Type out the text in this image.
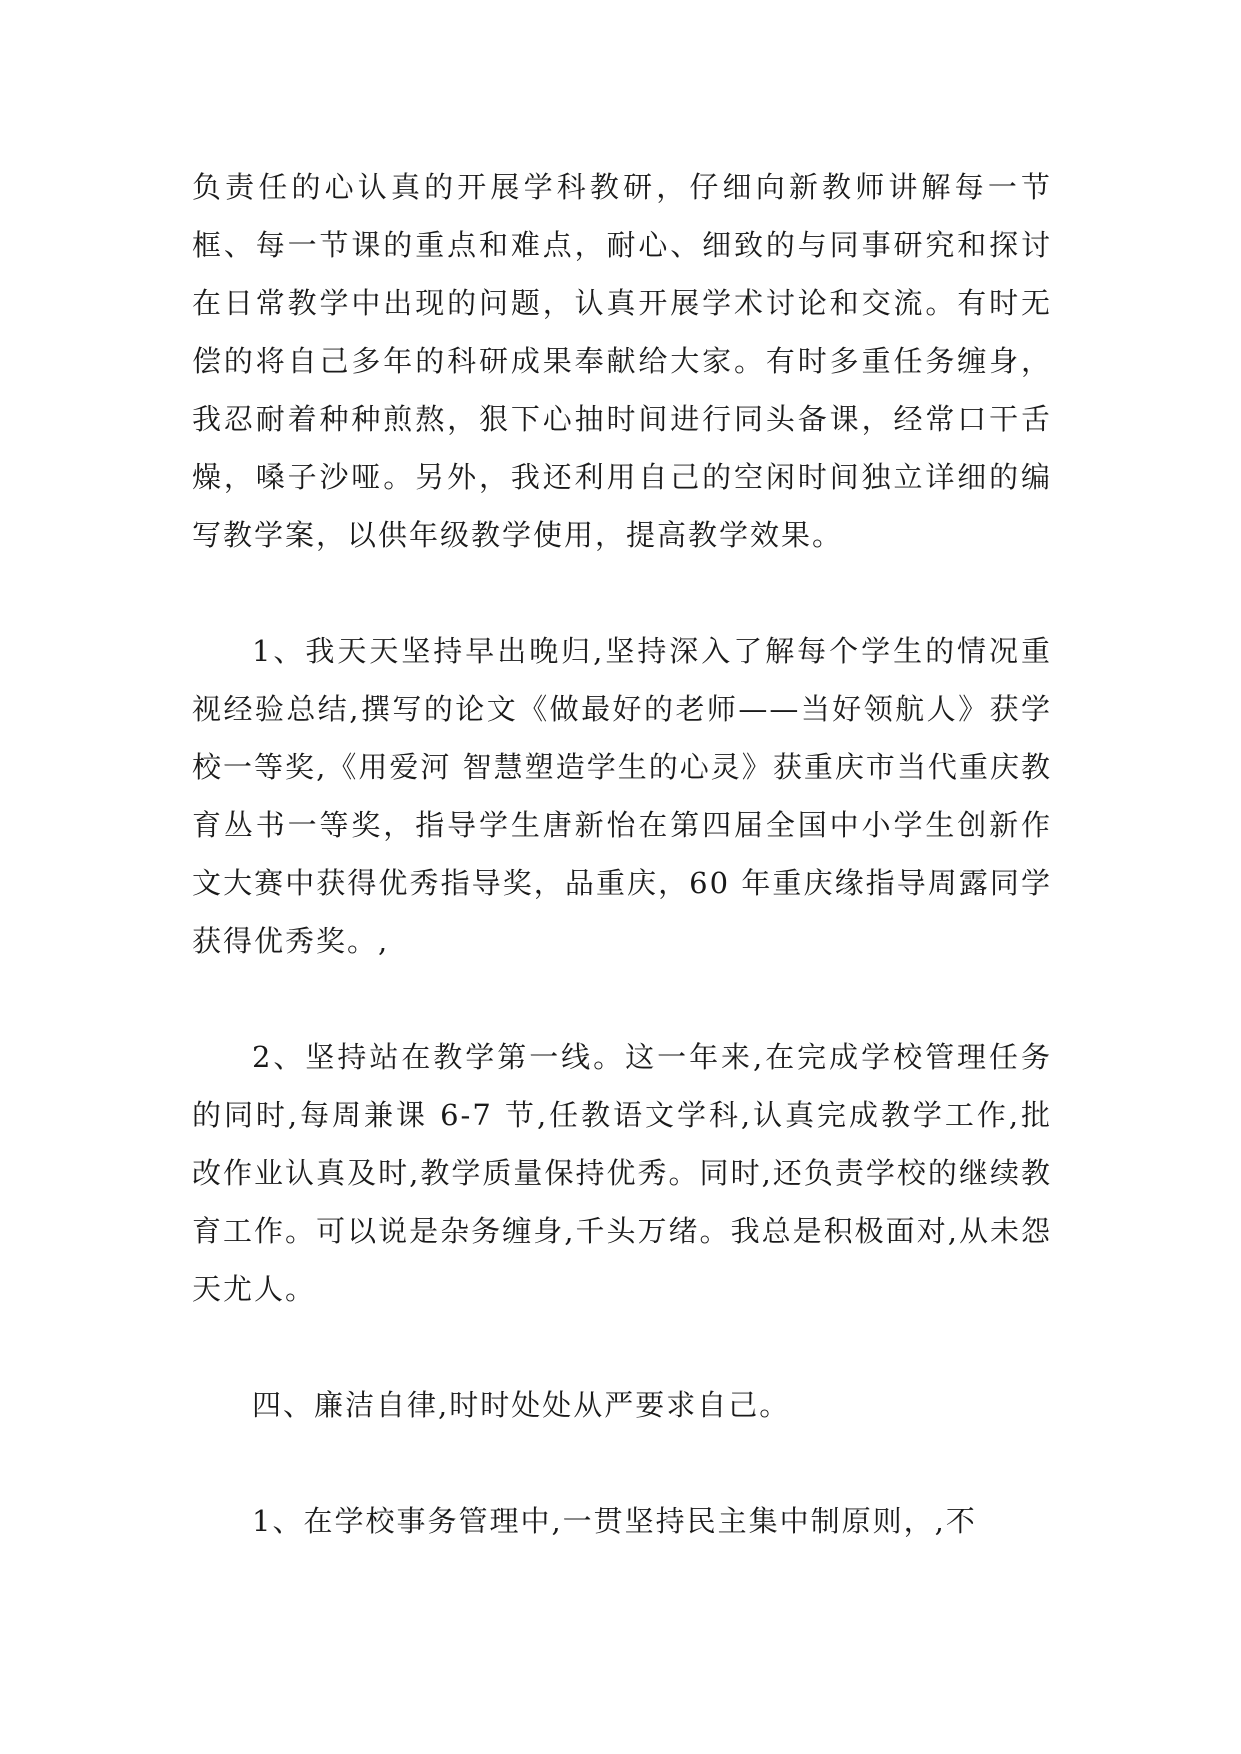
负责任的心认真的开展学科教研，仔细向新教师讲解每一节框、每一节课的重点和难点，耐心、细致的与同事研究和探讨在日常教学中出现的问题，认真开展学术讨论和交流。有时无偿的将自己多年的科研成果奉献给大家。有时多重任务缠身，我忍耐着种种煎熬，狠下心抽时间进行同头备课，经常口干舌燥，嗓子沙哑。另外，我还利用自己的空闲时间独立详细的编写教学案，以供年级教学使用，提高教学效果。

1、我天天坚持早出晚归,坚持深入了解每个学生的情况重视经验总结,撰写的论文《做最好的老师——当好领航人》获学校一等奖,《用爱河 智慧塑造学生的心灵》获重庆市当代重庆教育丛书一等奖，指导学生唐新怡在第四届全国中小学生创新作文大赛中获得优秀指导奖，品重庆，60 年重庆缘指导周露同学获得优秀奖。,

2、坚持站在教学第一线。这一年来,在完成学校管理任务的同时,每周兼课 6-7 节,任教语文学科,认真完成教学工作,批改作业认真及时,教学质量保持优秀。同时,还负责学校的继续教育工作。可以说是杂务缠身,千头万绪。我总是积极面对,从未怨天尤人。

四、廉洁自律,时时处处从严要求自己。

1、在学校事务管理中,一贯坚持民主集中制原则，,不
